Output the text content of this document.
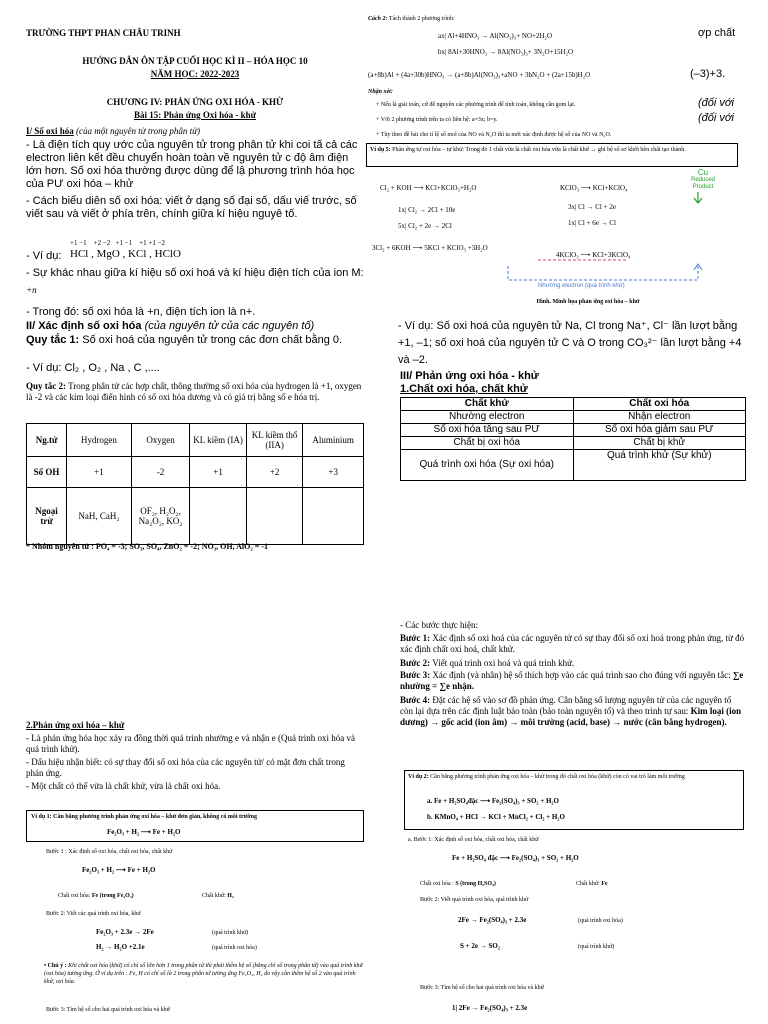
TRƯỜNG THPT PHAN CHÂU TRINH
HƯỚNG DẪN ÔN TẬP CUỐI HỌC KÌ II – HÓA HỌC 10
NĂM HỌC: 2022-2023
CHƯƠNG IV: PHẢN ỨNG OXI HÓA - KHỬ
Bài 15: Phản ứng Oxi hóa - khử
I/ Số oxi hóa (của một nguyên tử trong phân tử)
- Là điện tích quy ước của nguyên tử trong phân tử khi coi tấ cả các electron liên kết đều chuyển hoàn toàn về nguyên tử c độ âm điện lớn hơn. Số oxi hóa thường được dùng để lậ phương trình hóa học của PƯ oxi hóa – khử
- Cách biểu diễn số oxi hóa: viết ở dạng số đại số, dấu viế trước, số viết sau và viết ở phía trên, chính giữa kí hiệu nguyê tố.
- Ví dụ:
+1 −1    +2 −2   +1 −1    +1 +1 −2
HCl , MgO , KCl , HClO
- Sự khác nhau giữa kí hiệu số oxi hoá và kí hiệu điện tích của ion M: $^{+n}$
- Trong đó: số oxi hóa là +n, điện tích ion là n+.
II/ Xác định số oxi hóa (của nguyên tử của các nguyên tố)
Quy tắc 1: Số oxi hoá của nguyên tử trong các đơn chất bằng 0.
- Ví dụ: Cl₂ , O₂ , Na , C ,....
Quy tắc 2: Trong phân tử các hợp chất, thông thường số oxi hóa của hydrogen là +1, oxygen là -2 và các kim loại điển hình có số oxi hóa dương và có giá trị bằng số e hóa trị.
Ng.tử	Hydrogen	Oxygen	KL kiềm (IA)	KL kiềm thổ (IIA)	Aluminium
Số OH	+1	-2	+1	+2	+3
Ngoại trừ	NaH, CaH₂	OF₂, H₂O₂, Na₂O₂, KO₂			
* Nhóm nguyên tử : PO₄ = -3; SO₃, SO₄, ZnO₂ = -2; NO₃, OH, AlO₂ = -1
2.Phản ứng oxi hóa – khử
- Là phản ứng hóa học xảy ra đồng thời quá trình nhường e và nhận e (Quá trình oxi hóa và quá trình khử).
- Dấu hiệu nhận biết: có sự thay đổi số oxi hóa của các nguyên tử/ có mặt đơn chất trong phản ứng.
- Một chất có thể vừa là chất khử, vừa là chất oxi hóa.
Ví dụ 1: Cân bằng phương trình phản ứng oxi hóa – khử đơn giản, không có môi trường
Fe₂O₃ + H₂ ⟶ Fe + H₂O
Bước 1 : Xác định số oxi hóa, chất oxi hóa, chất khử
Fe₂O₃ + H₂ ⟶ Fe + H₂O
Chất oxi hóa: Fe (trong Fe₂O₃)	Chất khử: H₂
Bước 2: Viết các quá trình oxi hóa, khử
Fe₂O₃ + 2.3e → 2Fe	(quá trình khử)
H₂ → H₂O +2.1e	(quá trình oxi hóa)
• Chú ý : Khi chất oxi hóa (khử) có chỉ số lớn hơn 1 trong phân tử thì phải thêm hệ số (bằng chỉ số trong phân tử) vào quá trình khử (oxi hóa) tương ứng. Ở ví dụ trên : Fe, H có chỉ số là 2 trong phân tử tương ứng Fe₂O₃, H₂ do vậy cần thêm hệ số 2 vào quá trình khử, oxi hóa.
Bước 3: Tìm hệ số cho hai quá trình oxi hóa và khử
Cách 2: Tách thành 2 phương trình:
ax| Al+4HNO₃ → Al(NO₃)₃+ NO+2H₂O
bx| 8Al+30HNO₃ → 8Al(NO₃)₃+ 3N₂O+15H₂O
ợp chất
(a+8b)Al + (4a+30b)HNO₃ → (a+8b)Al(NO₃)₃+aNO + 3bN₂O + (2a+15b)H₂O	(–3)+3.
Nhận xét:
+ Nếu là giải toán, cứ để nguyên các phương trình để tính toán, không cần gom lại.	(đối với
+ Với 2 phương trình trên ta có liên hệ: a=3x; b=y.	(đối với
+ Tùy theo đề bài cho tỉ lệ số mol của NO và N₂O thì ta mới xác định được hệ số của NO và N₂O.
Ví dụ 5: Phản ứng tự oxi hóa – tự khử: Trong đó 1 chất vừa là chất oxi hóa vừa là chất khử → ghi hệ số sơ khởi bên chất tạo thành.
Cl₂ + KOH ⟶ KCl+KClO₃+H₂O
1x| Cl₂ → 2Cl + 10e
5x| Cl₂ + 2e → 2Cl
3Cl₂ + 6KOH ⟶ 5KCl + KClO₃ +3H₂O
KClO₃ ⟶ KCl+KClO₄
3x| Cl → Cl + 2e
1x| Cl + 6e → Cl
4KClO₃ ⟶ KCl+3KClO₄
Cu
Reduced
Product
Nhường electron (quá trình khử)
Hình. Minh họa phản ứng oxi hóa – khử
- Ví dụ: Số oxi hoá của nguyên tử Na, Cl trong Na⁺, Cl⁻ lần lượt bằng +1, –1; số oxi hoá của nguyên tử C và O trong CO₃²⁻ lần lượt bằng +4 và –2.
III/ Phản ứng oxi hóa - khử
1.Chất oxi hóa, chất khử
Chất khử	Chất oxi hóa
Nhường electron	Nhận electron
Số oxi hóa tăng sau PƯ	Số oxi hóa giảm sau PƯ
Chất bị oxi hóa	Chất bị khử
Quá trình oxi hóa (Sự oxi hóa)	Quá trình khử (Sự khử)
- Các bước thực hiện:
Bước 1: Xác định số oxi hoá của các nguyên tử có sự thay đổi số oxi hoá trong phản ứng, từ đó xác định chất oxi hoá, chất khử.
Bước 2: Viết quá trình oxi hoá và quá trình khử.
Bước 3: Xác định (và nhân) hệ số thích hợp vào các quá trình sao cho đúng với nguyên tắc: ∑e nhường = ∑e nhận.
Bước 4: Đặt các hệ số vào sơ đồ phản ứng. Cân bằng số lượng nguyên tử của các nguyên tố còn lại dựa trên các định luật bảo toàn (bảo toàn nguyên tố) và theo trình tự sau: Kim loại (ion dương) → gốc acid (ion âm) → môi trường (acid, base) → nước (cân bằng hydrogen).
Ví dụ 2: Cân bằng phương trình phản ứng oxi hóa – khử trong đó chất oxi hóa (khử) còn có vai trò làm môi trường
a. Fe + H₂SO₄đặc ⟶ Fe₂(SO₄)₃ + SO₂ + H₂O
b. KMnO₄ + HCl → KCl + MnCl₂ + Cl₂ + H₂O
a. Bước 1: Xác định số oxi hóa, chất oxi hóa, chất khử
Fe + H₂SO₄ đặc ⟶ Fe₂(SO₄)₃ + SO₂ + H₂O
Chất oxi hóa : S (trong H₂SO₄)	Chất khử: Fe
Bước 2: Viết quá trình oxi hóa, quá trình khử
2Fe → Fe₂(SO₄)₃ + 2.3e	(quá trình oxi hóa)
S + 2e → SO₂	(quá trình khử)
Bước 3: Tìm hệ số cho hai quá trình oxi hóa và khử
1| 2Fe → Fe₂(SO₄)₃ + 2.3e
